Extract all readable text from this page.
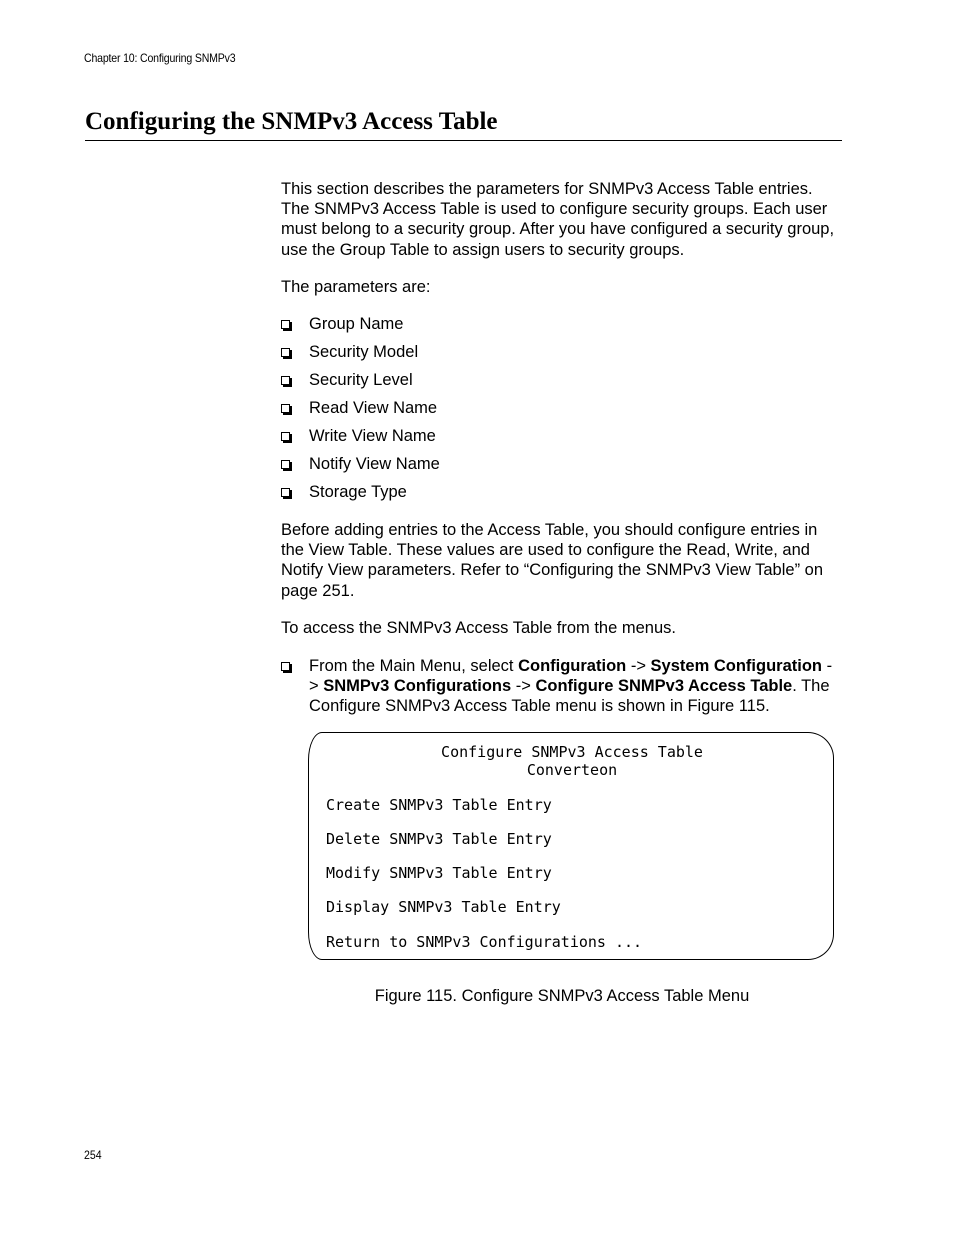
Chapter 10: Configuring SNMPv3
Configuring the SNMPv3 Access Table

This section describes the parameters for SNMPv3 Access Table entries. The SNMPv3 Access Table is used to configure security groups. Each user must belong to a security group. After you have configured a security group, use the Group Table to assign users to security groups.

The parameters are:

Group Name
Security Model
Security Level
Read View Name
Write View Name
Notify View Name
Storage Type

Before adding entries to the Access Table, you should configure entries in the View Table. These values are used to configure the Read, Write, and Notify View parameters. Refer to “Configuring the SNMPv3 View Table” on page 251.

To access the SNMPv3 Access Table from the menus.

From the Main Menu, select Configuration -> System Configuration - > SNMPv3 Configurations -> Configure SNMPv3 Access Table. The Configure SNMPv3 Access Table menu is shown in Figure 115.
Configure SNMPv3 Access Table
Converteon
Create SNMPv3 Table Entry
Delete SNMPv3 Table Entry
Modify SNMPv3 Table Entry
Display SNMPv3 Table Entry
Return to SNMPv3 Configurations ...
Figure 115. Configure SNMPv3 Access Table Menu
254
